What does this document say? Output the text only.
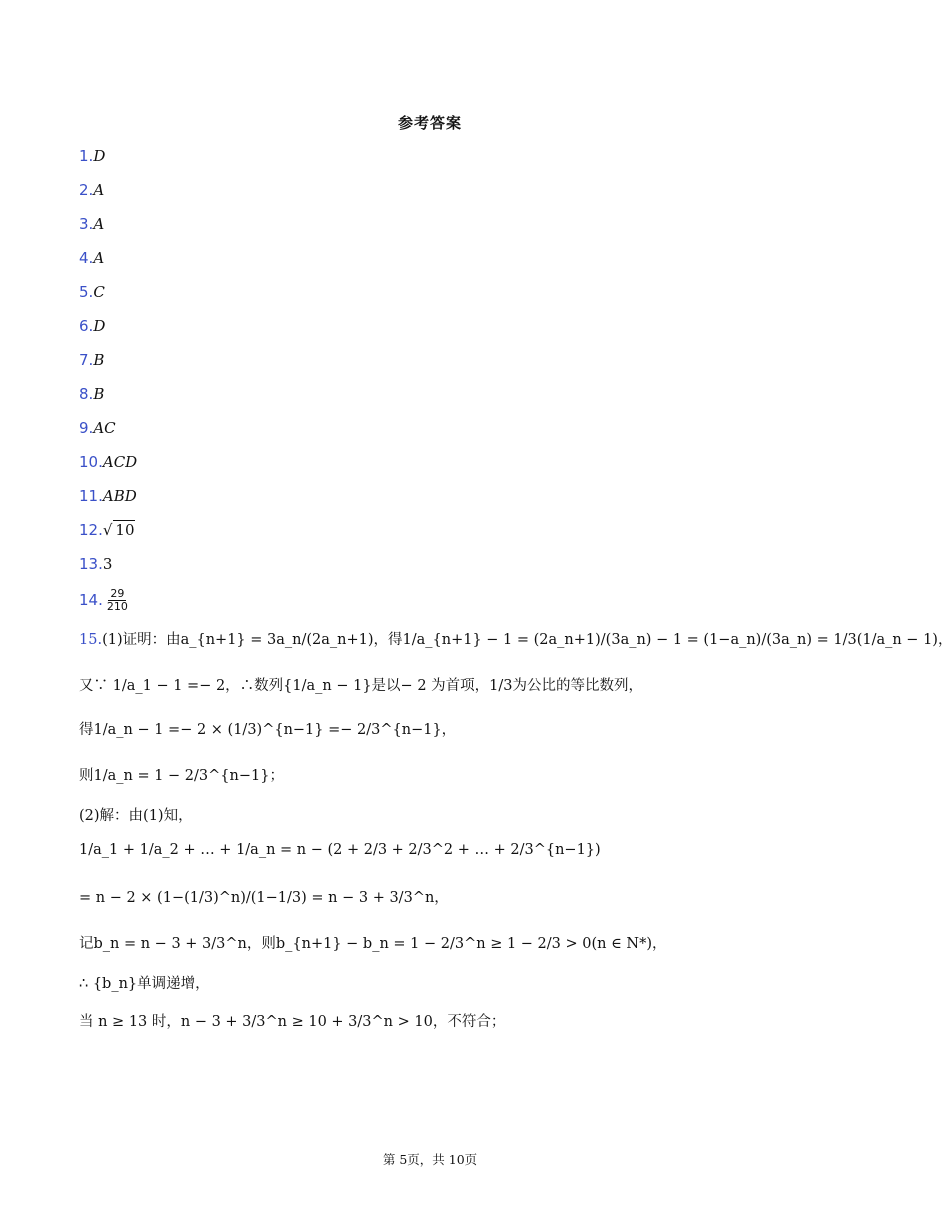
参考答案
1.D
2.A
3.A
4.A
5.C
6.D
7.B
8.B
9.AC
10.ACD
11.ABD
12.√ 10
13.3
14. $\frac{29}{210}$
15.(1)证明：由a_{n+1} = 3a_n/(2a_n+1)，得1/a_{n+1} − 1 = (2a_n+1)/(3a_n) − 1 = (1−a_n)/(3a_n) = 1/3(1/a_n − 1)，
又∵ 1/a_1 − 1 =− 2，∴数列{1/a_n − 1}是以− 2 为首项，1/3为公比的等比数列，
得1/a_n − 1 =− 2 × (1/3)^{n−1} =− 2/3^{n−1}，
则1/a_n = 1 − 2/3^{n−1}；
(2)解：由(1)知，
1/a_1 + 1/a_2 + … + 1/a_n = n − (2 + 2/3 + 2/3^2 + … + 2/3^{n−1})
= n − 2 × (1−(1/3)^n)/(1−1/3) = n − 3 + 3/3^n，
记b_n = n − 3 + 3/3^n，则b_{n+1} − b_n = 1 − 2/3^n ≥ 1 − 2/3 > 0(n ∈ N*)，
∴ {b_n}单调递增，
当 n ≥ 13 时，n − 3 + 3/3^n ≥ 10 + 3/3^n > 10，不符合；
第 5页，共 10页
